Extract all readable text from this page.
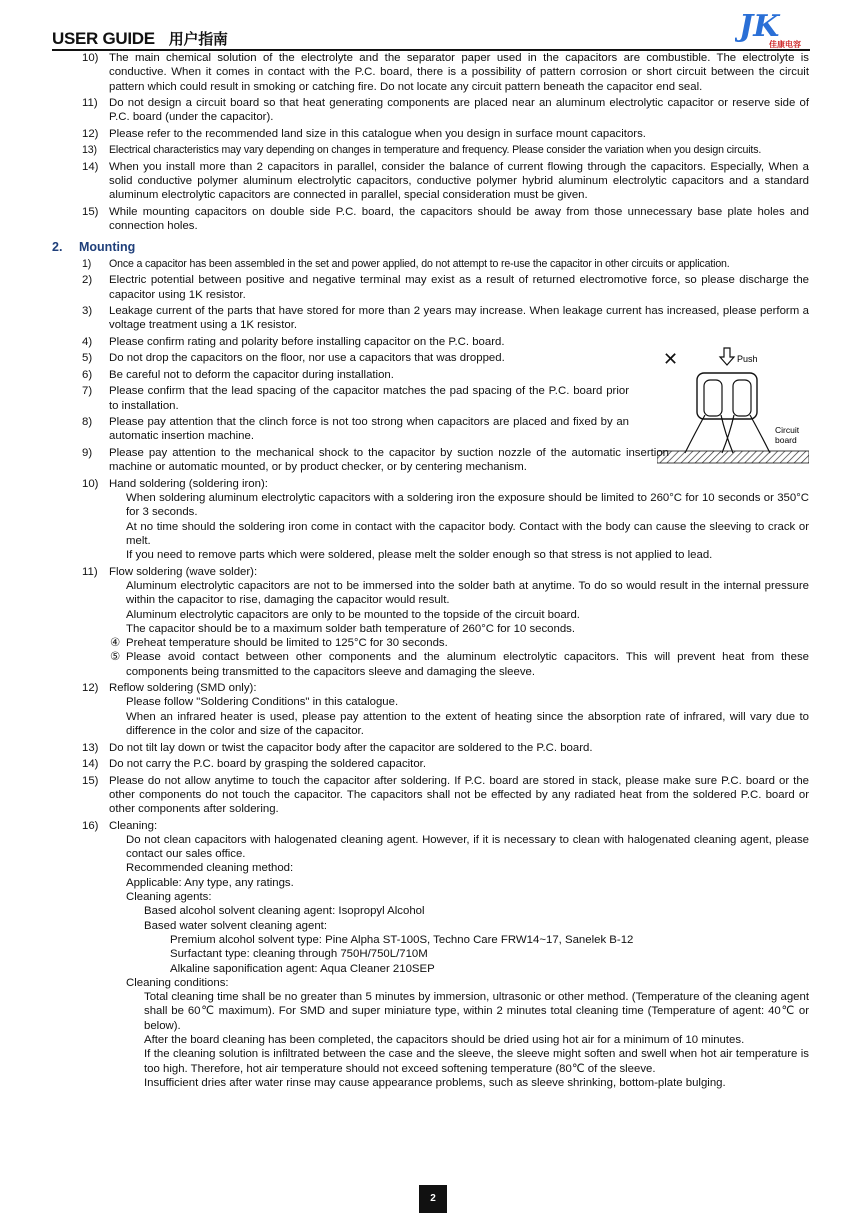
USER GUIDE 用户指南	JK
佳康电容
✕	Push
Circuit
board
10) The main chemical solution of the electrolyte and the separator paper used in the capacitors are combustible. The electrolyte is conductive. When it comes in contact with the P.C. board, there is a possibility of pattern corrosion or short circuit between the circuit pattern which could result in smoking or catching fire. Do not locate any circuit pattern beneath the capacitor end seal.

11) Do not design a circuit board so that heat generating components are placed near an aluminum electrolytic capacitor or reserve side of P.C. board (under the capacitor).

12) Please refer to the recommended land size in this catalogue when you design in surface mount capacitors.

13) Electrical characteristics may vary depending on changes in temperature and frequency. Please consider the variation when you design circuits.

14) When you install more than 2 capacitors in parallel, consider the balance of current flowing through the capacitors. Especially, When a solid conductive polymer aluminum electrolytic capacitors, conductive polymer hybrid aluminum electrolytic capacitors and a standard aluminum electrolytic capacitors are connected in parallel, special consideration must be given.

15) While mounting capacitors on double side P.C. board, the capacitors should be away from those unnecessary base plate holes and connection holes.

2. Mounting
1) Once a capacitor has been assembled in the set and power applied, do not attempt to re-use the capacitor in other circuits or application.

2) Electric potential between positive and negative terminal may exist as a result of returned electromotive force, so please discharge the capacitor using 1K resistor.

3) Leakage current of the parts that have stored for more than 2 years may increase. When leakage current has increased, please perform a voltage treatment using a 1K resistor.

4) Please confirm rating and polarity before installing capacitor on the P.C. board.

5) Do not drop the capacitors on the floor, nor use a capacitors that was dropped.

6) Be careful not to deform the capacitor during installation.

7) Please confirm that the lead spacing of the capacitor matches the pad spacing of the P.C. board prior to installation.

8) Please pay attention that the clinch force is not too strong when capacitors are placed and fixed by an automatic insertion machine.

9) Please pay attention to the mechanical shock to the capacitor by suction nozzle of the automatic insertion machine or automatic mounted, or by product checker, or by centering mechanism.

10) Hand soldering (soldering iron):

When soldering aluminum electrolytic capacitors with a soldering iron the exposure should be limited to 260°C for 10 seconds or 350°C for 3 seconds.

At no time should the soldering iron come in contact with the capacitor body. Contact with the body can cause the sleeving to crack or melt.

If you need to remove parts which were soldered, please melt the solder enough so that stress is not applied to lead.

11) Flow soldering (wave solder):

Aluminum electrolytic capacitors are not to be immersed into the solder bath at anytime. To do so would result in the internal pressure within the capacitor to rise, damaging the capacitor would result.

Aluminum electrolytic capacitors are only to be mounted to the topside of the circuit board.

The capacitor should be to a maximum solder bath temperature of 260°C for 10 seconds.

④ Preheat temperature should be limited to 125°C for 30 seconds.

⑤ Please avoid contact between other components and the aluminum electrolytic capacitors. This will prevent heat from these components being transmitted to the capacitors sleeve and damaging the sleeve.

12) Reflow soldering (SMD only):

Please follow "Soldering Conditions" in this catalogue.

When an infrared heater is used, please pay attention to the extent of heating since the absorption rate of infrared, will vary due to difference in the color and size of the capacitor.

13) Do not tilt lay down or twist the capacitor body after the capacitor are soldered to the P.C. board.

14) Do not carry the P.C. board by grasping the soldered capacitor.

15) Please do not allow anytime to touch the capacitor after soldering. If P.C. board are stored in stack, please make sure P.C. board or the other components do not touch the capacitor. The capacitors shall not be effected by any radiated heat from the soldered P.C. board or other components after soldering.

16) Cleaning:

Do not clean capacitors with halogenated cleaning agent. However, if it is necessary to clean with halogenated cleaning agent, please contact our sales office.

Recommended cleaning method:

Applicable: Any type, any ratings.

Cleaning agents:

Based alcohol solvent cleaning agent: Isopropyl Alcohol

Based water solvent cleaning agent:

Premium alcohol solvent type: Pine Alpha ST-100S, Techno Care FRW14~17, Sanelek B-12

Surfactant type: cleaning through 750H/750L/710M

Alkaline saponification agent: Aqua Cleaner 210SEP

Cleaning conditions:

Total cleaning time shall be no greater than 5 minutes by immersion, ultrasonic or other method. (Temperature of the cleaning agent shall be 60℃ maximum). For SMD and super miniature type, within 2 minutes total cleaning time (Temperature of agent: 40℃ or below).

After the board cleaning has been completed, the capacitors should be dried using hot air for a minimum of 10 minutes.

If the cleaning solution is infiltrated between the case and the sleeve, the sleeve might soften and swell when hot air temperature is too high. Therefore, hot air temperature should not exceed softening temperature (80℃ of the sleeve.

Insufficient dries after water rinse may cause appearance problems, such as sleeve shrinking, bottom-plate bulging.

2
